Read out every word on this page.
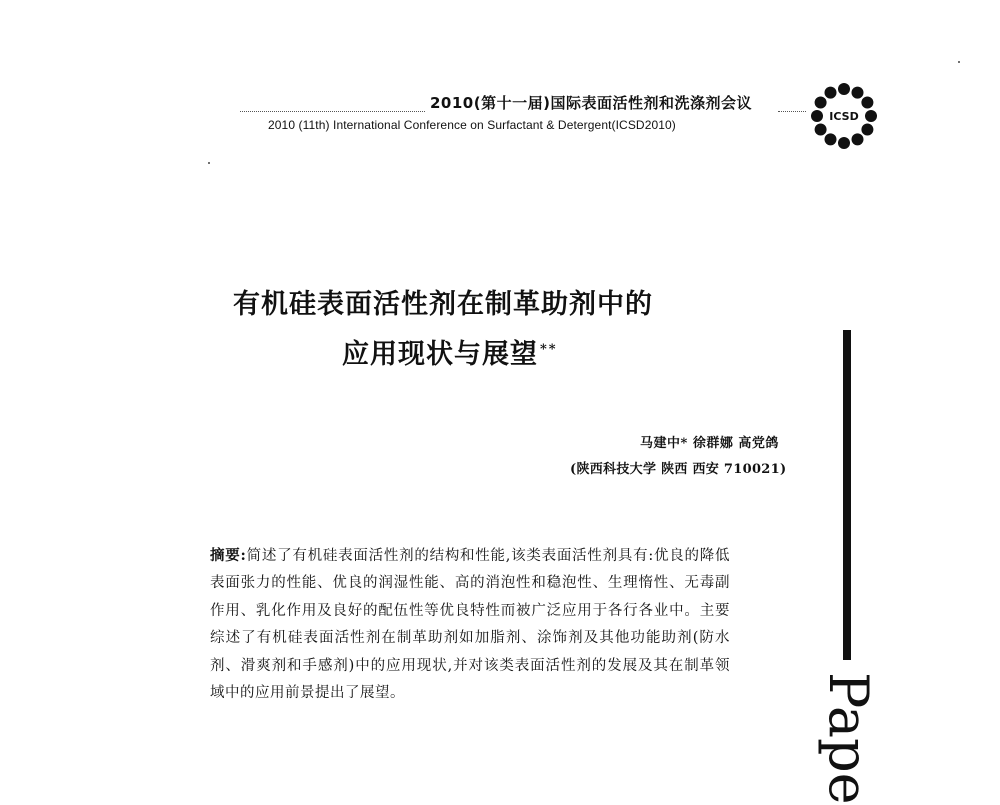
2010(第十一届)国际表面活性剂和洗涤剂会议
2010 (11th) International Conference on Surfactant & Detergent(ICSD2010)
ICSD
有机硅表面活性剂在制革助剂中的
应用现状与展望 **
马建中* 徐群娜 高党鸽
(陕西科技大学 陕西 西安 710021)
摘要:简述了有机硅表面活性剂的结构和性能,该类表面活性剂具有:优良的降低表面张力的性能、优良的润湿性能、高的消泡性和稳泡性、生理惰性、无毒副作用、乳化作用及良好的配伍性等优良特性而被广泛应用于各行各业中。主要综述了有机硅表面活性剂在制革助剂如加脂剂、涂饰剂及其他功能助剂(防水剂、滑爽剂和手感剂)中的应用现状,并对该类表面活性剂的发展及其在制革领域中的应用前景提出了展望。	Pape
